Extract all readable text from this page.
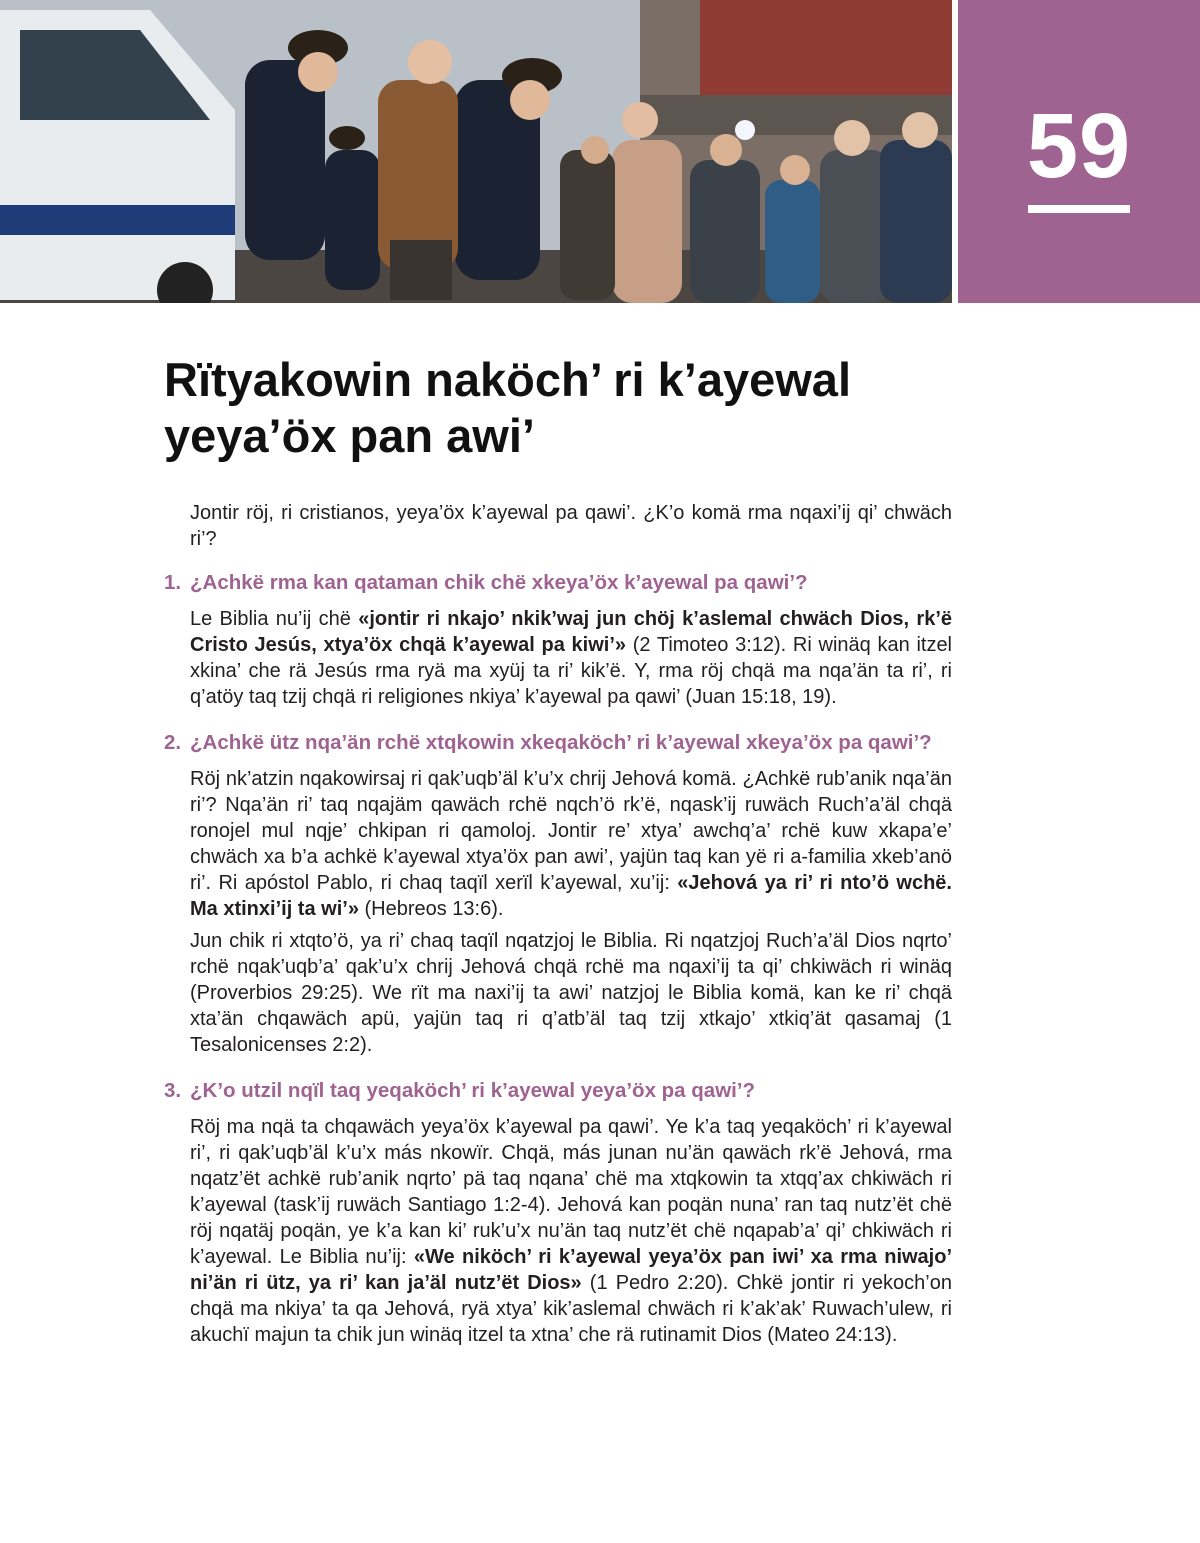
59
Rïtyakowin naköch’ ri k’ayewal
yeya’öx pan awi’

Jontir röj, ri cristianos, yeya’öx k’ayewal pa qawi’. ¿K’o komä rma nqaxi’ij qi’ chwäch ri’?

1. ¿Achkë rma kan qataman chik chë xkeya’öx k’ayewal pa qawi’?

Le Biblia nu’ij chë «jontir ri nkajo’ nkik’waj jun chöj k’aslemal chwäch Dios, rk’ë Cristo Jesús, xtya’öx chqä k’ayewal pa kiwi’» (2 Timoteo 3:12). Ri winäq kan itzel xkina’ che rä Jesús rma ryä ma xyüj ta ri’ kik’ë. Y, rma röj chqä ma nqa’än ta ri’, ri q’atöy taq tzij chqä ri religiones nkiya’ k’ayewal pa qawi’ (Juan 15:18, 19).

2. ¿Achkë ütz nqa’än rchë xtqkowin xkeqaköch’ ri k’ayewal xkeya’öx pa qawi’?

Röj nk’atzin nqakowirsaj ri qak’uqb’äl k’u’x chrij Jehová komä. ¿Achkë rub’anik nqa’än ri’? Nqa’än ri’ taq nqajäm qawäch rchë nqch’ö rk’ë, nqask’ij ruwäch Ruch’a’äl chqä ronojel mul nqje’ chkipan ri qamoloj. Jontir re’ xtya’ awchq’a’ rchë kuw xkapa’e’ chwäch xa b’a achkë k’ayewal xtya’öx pan awi’, yajün taq kan yë ri a-familia xkeb’anö ri’. Ri apóstol Pablo, ri chaq taqïl xerïl k’ayewal, xu’ij: «Jehová ya ri’ ri nto’ö wchë. Ma xtinxi’ij ta wi’» (Hebreos 13:6).

Jun chik ri xtqto’ö, ya ri’ chaq taqïl nqatzjoj le Biblia. Ri nqatzjoj Ruch’a’äl Dios nqrto’ rchë nqak’uqb’a’ qak’u’x chrij Jehová chqä rchë ma nqaxi’ij ta qi’ chkiwäch ri winäq (Proverbios 29:25). We rït ma naxi’ij ta awi’ natzjoj le Biblia komä, kan ke ri’ chqä xta’än chqawäch apü, yajün taq ri q’atb’äl taq tzij xtkajo’ xtkiq’ät qasamaj (1 Tesalonicenses 2:2).

3. ¿K’o utzil nqïl taq yeqaköch’ ri k’ayewal yeya’öx pa qawi’?

Röj ma nqä ta chqawäch yeya’öx k’ayewal pa qawi’. Ye k’a taq yeqaköch’ ri k’ayewal ri’, ri qak’uqb’äl k’u’x más nkowïr. Chqä, más junan nu’än qawäch rk’ë Jehová, rma nqatz’ët achkë rub’anik nqrto’ pä taq nqana’ chë ma xtqkowin ta xtqq’ax chkiwäch ri k’ayewal (task’ij ruwäch Santiago 1:2-4). Jehová kan poqän nuna’ ran taq nutz’ët chë röj nqatäj poqän, ye k’a kan ki’ ruk’u’x nu’än taq nutz’ët chë nqapab’a’ qi’ chkiwäch ri k’ayewal. Le Biblia nu’ij: «We niköch’ ri k’ayewal yeya’öx pan iwi’ xa rma niwajo’ ni’än ri ütz, ya ri’ kan ja’äl nutz’ët Dios» (1 Pedro 2:20). Chkë jontir ri yekoch’on chqä ma nkiya’ ta qa Jehová, ryä xtya’ kik’aslemal chwäch ri k’ak’ak’ Ruwach’ulew, ri akuchï majun ta chik jun winäq itzel ta xtna’ che rä rutinamit Dios (Mateo 24:13).
